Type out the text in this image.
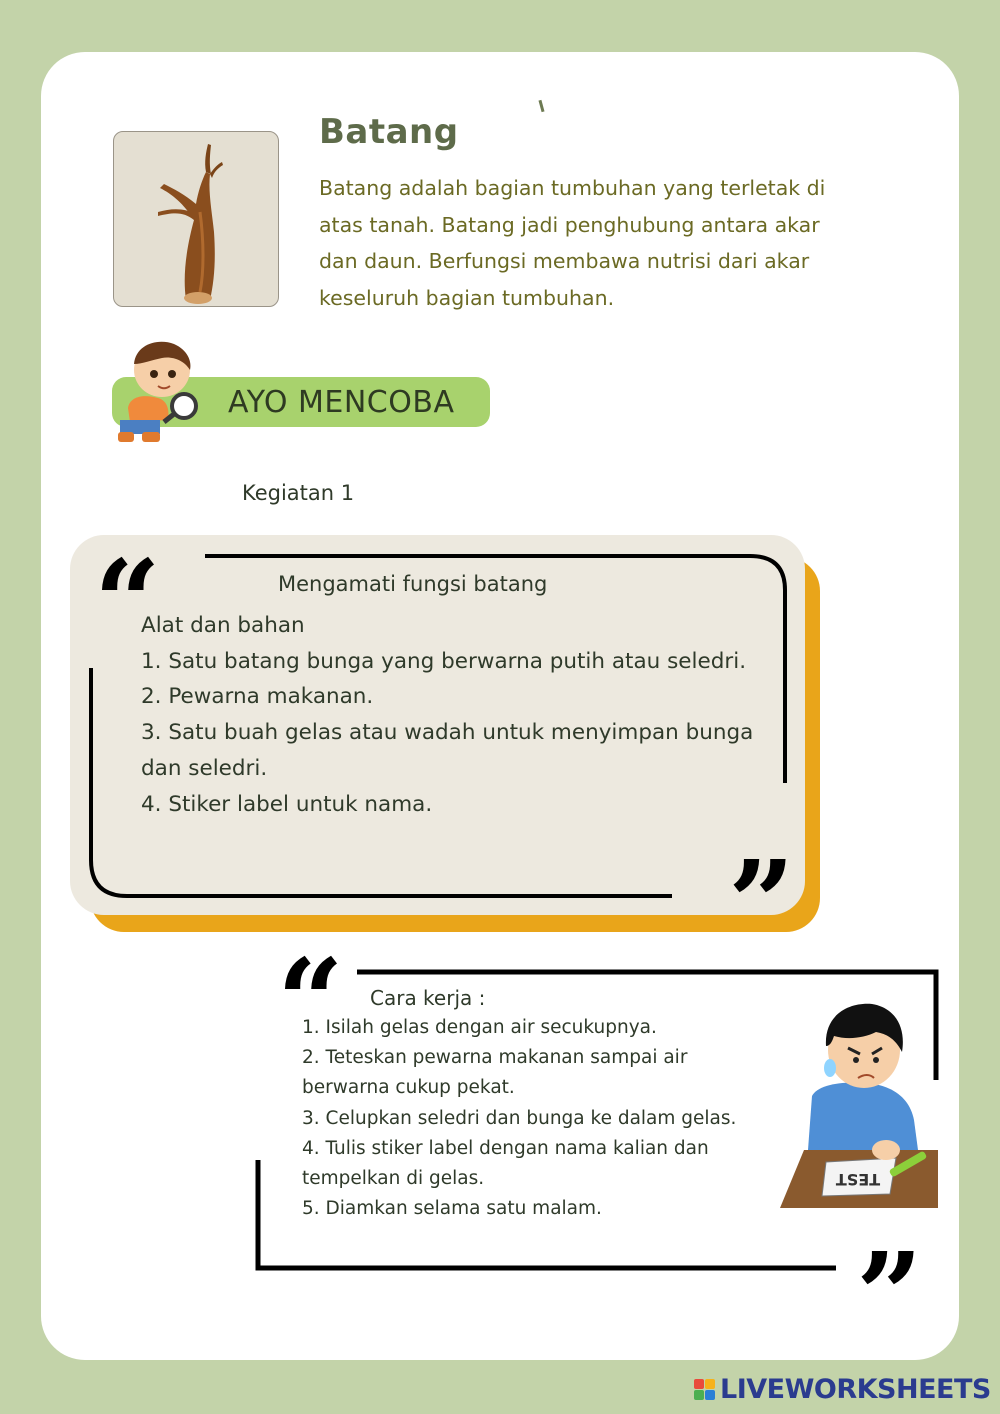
Batang
Batang adalah bagian tumbuhan yang terletak di atas tanah. Batang jadi penghubung antara akar dan daun. Berfungsi membawa nutrisi dari akar keseluruh bagian tumbuhan.
AYO MENCOBA
Kegiatan 1
“
”
Mengamati fungsi batang
Alat dan bahan
1. Satu batang bunga yang berwarna putih atau seledri.
2. Pewarna makanan.
3. Satu buah gelas atau wadah untuk menyimpan bunga dan seledri.
4. Stiker label untuk nama.
“
”
Cara kerja :
1. Isilah gelas dengan air secukupnya.
2. Teteskan pewarna makanan sampai air berwarna cukup pekat.
3. Celupkan seledri dan bunga ke dalam gelas.
4. Tulis stiker label dengan nama kalian dan tempelkan di gelas.
5. Diamkan selama satu malam.
TEST
LIVEWORKSHEETS
